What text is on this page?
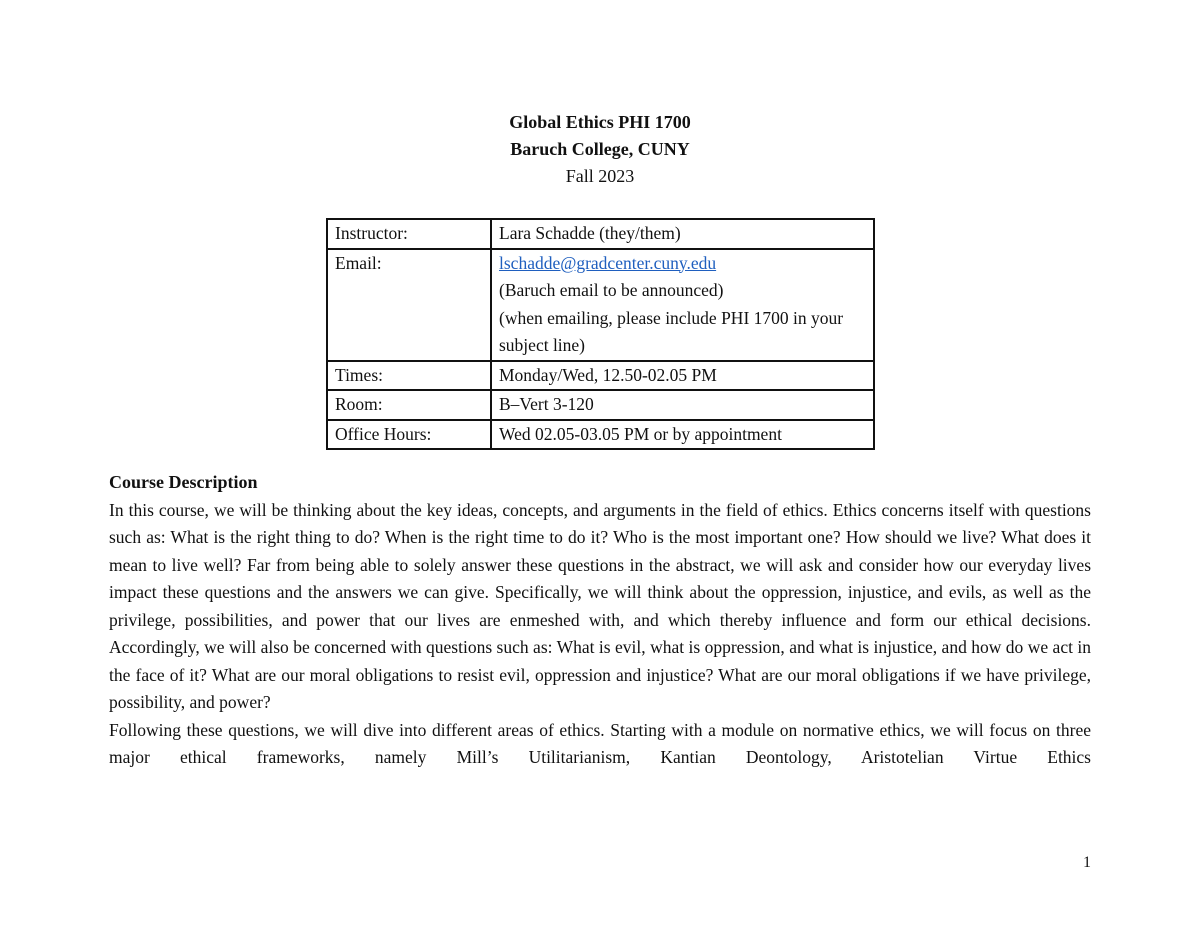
Global Ethics PHI 1700
Baruch College, CUNY
Fall 2023
Instructor:	Lara Schadde (they/them)
Email:	lschadde@gradcenter.cuny.edu
(Baruch email to be announced)
(when emailing, please include PHI 1700 in your subject line)

Times:	Monday/Wed, 12.50-02.05 PM
Room:	B–Vert 3-120
Office Hours:	Wed 02.05-03.05 PM or by appointment
Course Description

In this course, we will be thinking about the key ideas, concepts, and arguments in the field of ethics. Ethics concerns itself with questions such as: What is the right thing to do? When is the right time to do it? Who is the most important one? How should we live? What does it mean to live well? Far from being able to solely answer these questions in the abstract, we will ask and consider how our everyday lives impact these questions and the answers we can give. Specifically, we will think about the oppression, injustice, and evils, as well as the privilege, possibilities, and power that our lives are enmeshed with, and which thereby influence and form our ethical decisions. Accordingly, we will also be concerned with questions such as: What is evil, what is oppression, and what is injustice, and how do we act in the face of it? What are our moral obligations to resist evil, oppression and injustice? What are our moral obligations if we have privilege, possibility, and power?

Following these questions, we will dive into different areas of ethics. Starting with a module on normative ethics, we will focus on three major ethical frameworks, namely Mill’s Utilitarianism, Kantian Deontology, Aristotelian Virtue Ethics

1
